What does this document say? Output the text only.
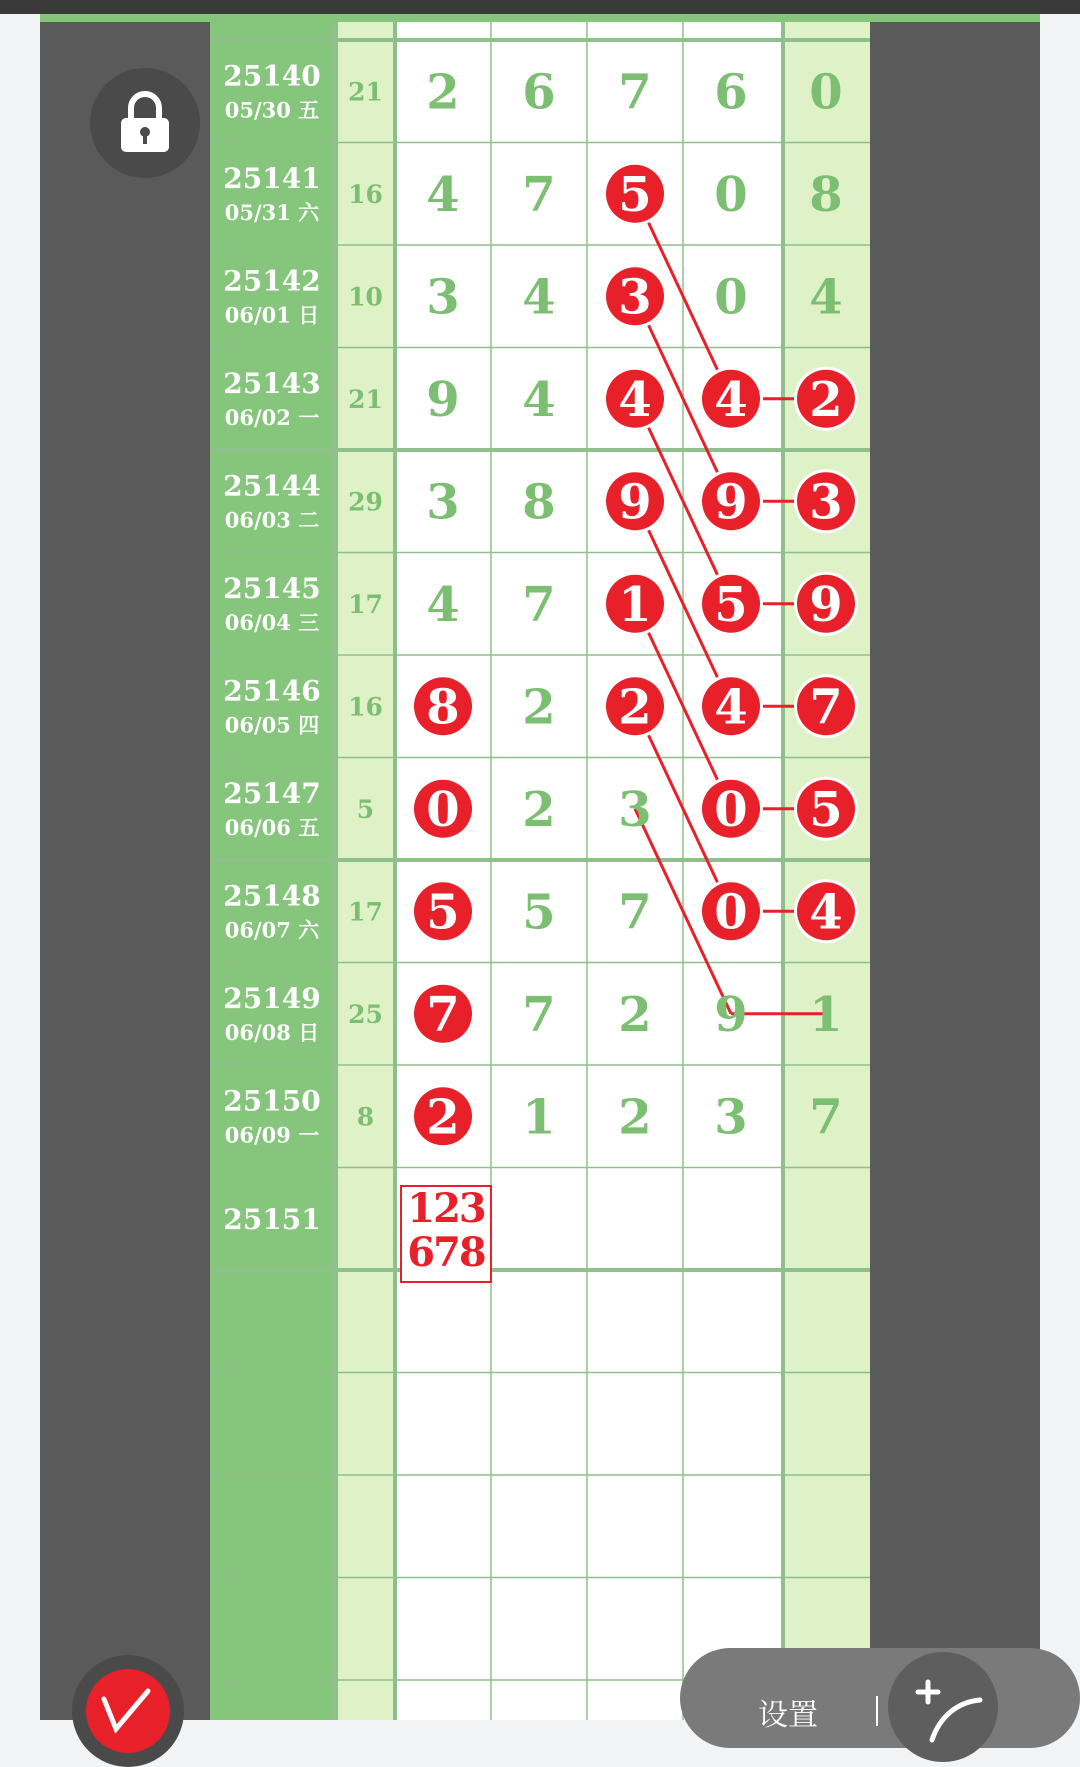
25140
05/30 五
21 2 6 7 6 0
25141
05/31 六
16 4 7 5 0 8
25142
06/01 日
10 3 4 3 0 4
25143
06/02 一
21 9 4 4 4 2
25144
06/03 二
29 3 8 9 9 3
25145
06/04 三
17 4 7 1 5 9
25146
06/05 四
16 8 2 2 4 7
25147
06/06 五
5 0 2 3 0 5
25148
06/07 六
17 5 5 7 0 4
25149
06/08 日
25 7 7 2 9 1
25150
06/09 一
8 2 1 2 3 7
25151 123
678
设置
